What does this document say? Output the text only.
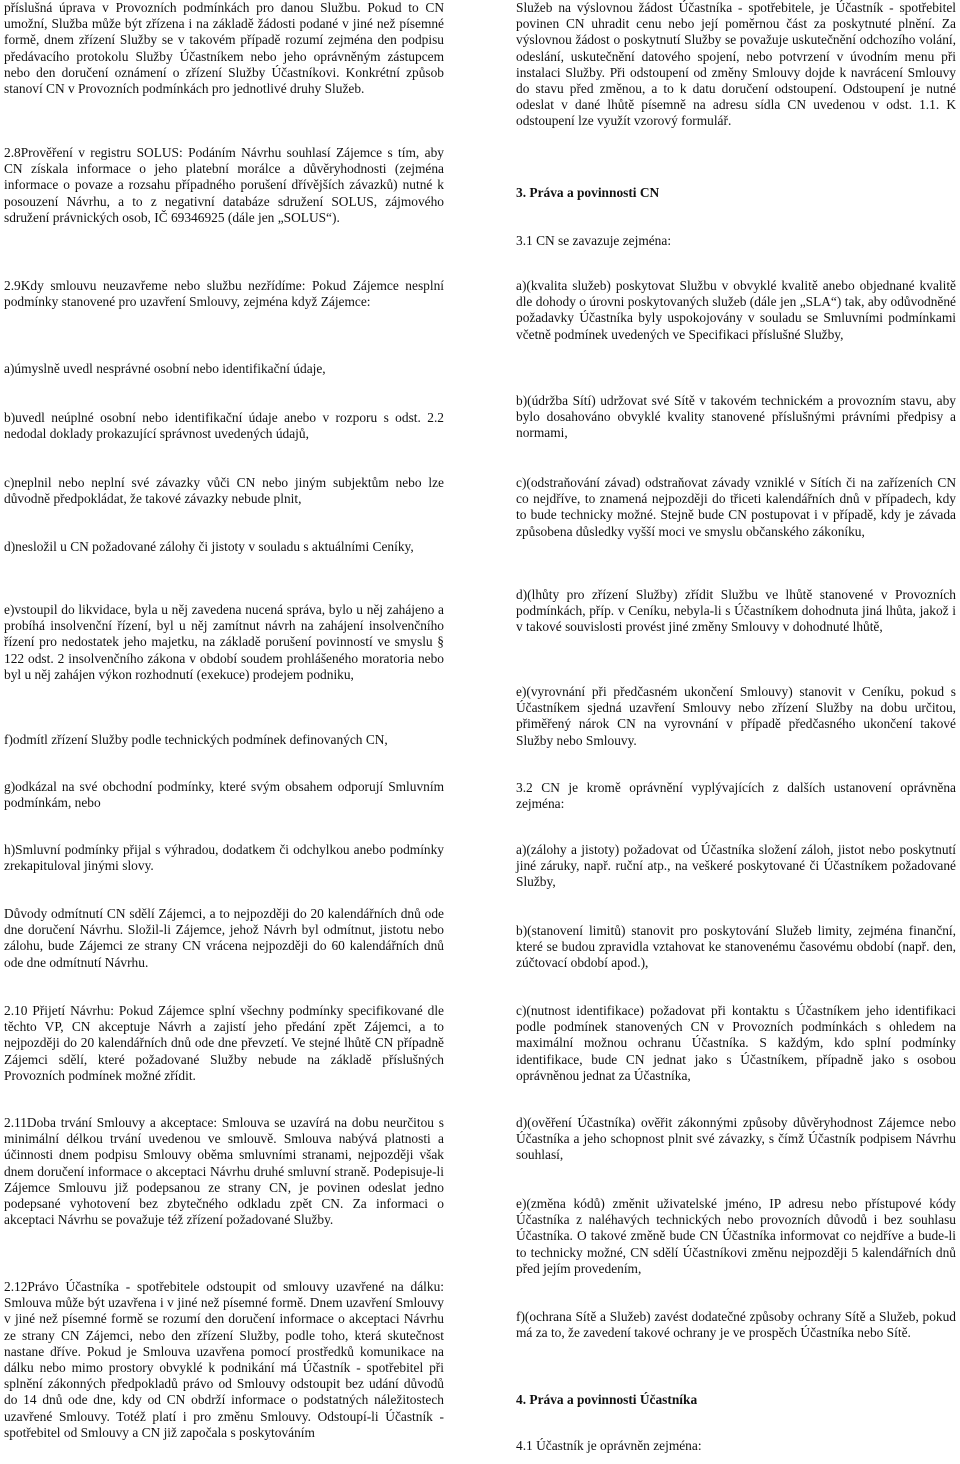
příslušná úprava v Provozních podmínkách pro danou Službu. Pokud to CN umožní, Služba může být zřízena i na základě žádosti podané v jiné než písemné formě, dnem zřízení Služby se v takovém případě rozumí zejména den podpisu předávacího protokolu Služby Účastníkem nebo jeho oprávněným zástupcem nebo den doručení oznámení o zřízení Služby Účastníkovi. Konkrétní způsob stanoví CN v Provozních podmínkách pro jednotlivé druhy Služeb.

2.8Prověření v registru SOLUS: Podáním Návrhu souhlasí Zájemce s tím, aby CN získala informace o jeho platební morálce a důvěryhodnosti (zejména informace o povaze a rozsahu případného porušení dřívějších závazků) nutné k posouzení Návrhu, a to z negativní databáze sdružení SOLUS, zájmového sdružení právnických osob, IČ 69346925 (dále jen „SOLUS“).

2.9Kdy smlouvu neuzavřeme nebo službu nezřídíme: Pokud Zájemce nesplní podmínky stanovené pro uzavření Smlouvy, zejména když Zájemce:

a)úmyslně uvedl nesprávné osobní nebo identifikační údaje,

b)uvedl neúplné osobní nebo identifikační údaje anebo v rozporu s odst. 2.2 nedodal doklady prokazující správnost uvedených údajů,

c)neplnil nebo neplní své závazky vůči CN nebo jiným subjektům nebo lze důvodně předpokládat, že takové závazky nebude plnit,

d)nesložil u CN požadované zálohy či jistoty v souladu s aktuálními Ceníky,

e)vstoupil do likvidace, byla u něj zavedena nucená správa, bylo u něj zahájeno a probíhá insolvenční řízení, byl u něj zamítnut návrh na zahájení insolvenčního řízení pro nedostatek jeho majetku, na základě porušení povinností ve smyslu § 122 odst. 2 insolvenčního zákona v období soudem prohlášeného moratoria nebo byl u něj zahájen výkon rozhodnutí (exekuce) prodejem podniku,

f)odmítl zřízení Služby podle technických podmínek definovaných CN,

g)odkázal na své obchodní podmínky, které svým obsahem odporují Smluvním podmínkám, nebo

h)Smluvní podmínky přijal s výhradou, dodatkem či odchylkou anebo podmínky zrekapituloval jinými slovy.

Důvody odmítnutí CN sdělí Zájemci, a to nejpozději do 20 kalendářních dnů ode dne doručení Návrhu. Složil-li Zájemce, jehož Návrh byl odmítnut, jistotu nebo zálohu, bude Zájemci ze strany CN vrácena nejpozději do 60 kalendářních dnů ode dne odmítnutí Návrhu.

2.10 Přijetí Návrhu: Pokud Zájemce splní všechny podmínky specifikované dle těchto VP, CN akceptuje Návrh a zajistí jeho předání zpět Zájemci, a to nejpozději do 20 kalendářních dnů ode dne převzetí. Ve stejné lhůtě CN případně Zájemci sdělí, které požadované Služby nebude na základě příslušných Provozních podmínek možné zřídit.

2.11Doba trvání Smlouvy a akceptace: Smlouva se uzavírá na dobu neurčitou s minimální délkou trvání uvedenou ve smlouvě. Smlouva nabývá platnosti a účinnosti dnem podpisu Smlouvy oběma smluvními stranami, nejpozději však dnem doručení informace o akceptaci Návrhu druhé smluvní straně. Podepisuje-li Zájemce Smlouvu již podepsanou ze strany CN, je povinen odeslat jedno podepsané vyhotovení bez zbytečného odkladu zpět CN. Za informaci o akceptaci Návrhu se považuje též zřízení požadované Služby.

2.12Právo Účastníka - spotřebitele odstoupit od smlouvy uzavřené na dálku: Smlouva může být uzavřena i v jiné než písemné formě. Dnem uzavření Smlouvy v jiné než písemné formě se rozumí den doručení informace o akceptaci Návrhu ze strany CN Zájemci, nebo den zřízení Služby, podle toho, která skutečnost nastane dříve. Pokud je Smlouva uzavřena pomocí prostředků komunikace na dálku nebo mimo prostory obvyklé k podnikání má Účastník - spotřebitel při splnění zákonných předpokladů právo od Smlouvy odstoupit bez udání důvodů do 14 dnů ode dne, kdy od CN obdrží informace o podstatných náležitostech uzavřené Smlouvy. Totéž platí i pro změnu Smlouvy. Odstoupí-li Účastník - spotřebitel od Smlouvy a CN již započala s poskytováním

Služeb na výslovnou žádost Účastníka - spotřebitele, je Účastník - spotřebitel povinen CN uhradit cenu nebo její poměrnou část za poskytnuté plnění. Za výslovnou žádost o poskytnutí Služby se považuje uskutečnění odchozího volání, odeslání, uskutečnění datového spojení, nebo potvrzení v úvodním menu při instalaci Služby. Při odstoupení od změny Smlouvy dojde k navrácení Smlouvy do stavu před změnou, a to k datu doručení odstoupení. Odstoupení je nutné odeslat v dané lhůtě písemně na adresu sídla CN uvedenou v odst. 1.1. K odstoupení lze využít vzorový formulář.

3. Práva a povinnosti CN

3.1 CN se zavazuje zejména:

a)(kvalita služeb) poskytovat Službu v obvyklé kvalitě anebo objednané kvalitě dle dohody o úrovni poskytovaných služeb (dále jen „SLA“) tak, aby odůvodněné požadavky Účastníka byly uspokojovány v souladu se Smluvními podmínkami včetně podmínek uvedených ve Specifikaci příslušné Služby,

b)(údržba Sítí) udržovat své Sítě v takovém technickém a provozním stavu, aby bylo dosahováno obvyklé kvality stanovené příslušnými právními předpisy a normami,

c)(odstraňování závad) odstraňovat závady vzniklé v Sítích či na zařízeních CN co nejdříve, to znamená nejpozději do třiceti kalendářních dnů v případech, kdy to bude technicky možné. Stejně bude CN postupovat i v případě, kdy je závada způsobena důsledky vyšší moci ve smyslu občanského zákoníku,

d)(lhůty pro zřízení Služby) zřídit Službu ve lhůtě stanovené v Provozních podmínkách, příp. v Ceníku, nebyla-li s Účastníkem dohodnuta jiná lhůta, jakož i v takové souvislosti provést jiné změny Smlouvy v dohodnuté lhůtě,

e)(vyrovnání při předčasném ukončení Smlouvy) stanovit v Ceníku, pokud s Účastníkem sjedná uzavření Smlouvy nebo zřízení Služby na dobu určitou, přiměřený nárok CN na vyrovnání v případě předčasného ukončení takové Služby nebo Smlouvy.

3.2 CN je kromě oprávnění vyplývajících z dalších ustanovení oprávněna zejména:

a)(zálohy a jistoty) požadovat od Účastníka složení záloh, jistot nebo poskytnutí jiné záruky, např. ruční atp., na veškeré poskytované či Účastníkem požadované Služby,

b)(stanovení limitů) stanovit pro poskytování Služeb limity, zejména finanční, které se budou zpravidla vztahovat ke stanovenému časovému období (např. den, zúčtovací období apod.),

c)(nutnost identifikace) požadovat při kontaktu s Účastníkem jeho identifikaci podle podmínek stanovených CN v Provozních podmínkách s ohledem na maximální možnou ochranu Účastníka. S každým, kdo splní podmínky identifikace, bude CN jednat jako s Účastníkem, případně jako s osobou oprávněnou jednat za Účastníka,

d)(ověření Účastníka) ověřit zákonnými způsoby důvěryhodnost Zájemce nebo Účastníka a jeho schopnost plnit své závazky, s čímž Účastník podpisem Návrhu souhlasí,

e)(změna kódů) změnit uživatelské jméno, IP adresu nebo přístupové kódy Účastníka z naléhavých technických nebo provozních důvodů i bez souhlasu Účastníka. O takové změně bude CN Účastníka informovat co nejdříve a bude-li to technicky možné, CN sdělí Účastníkovi změnu nejpozději 5 kalendářních dnů před jejím provedením,

f)(ochrana Sítě a Služeb) zavést dodatečné způsoby ochrany Sítě a Služeb, pokud má za to, že zavedení takové ochrany je ve prospěch Účastníka nebo Sítě.

4. Práva a povinnosti Účastníka

4.1 Účastník je oprávněn zejména:
